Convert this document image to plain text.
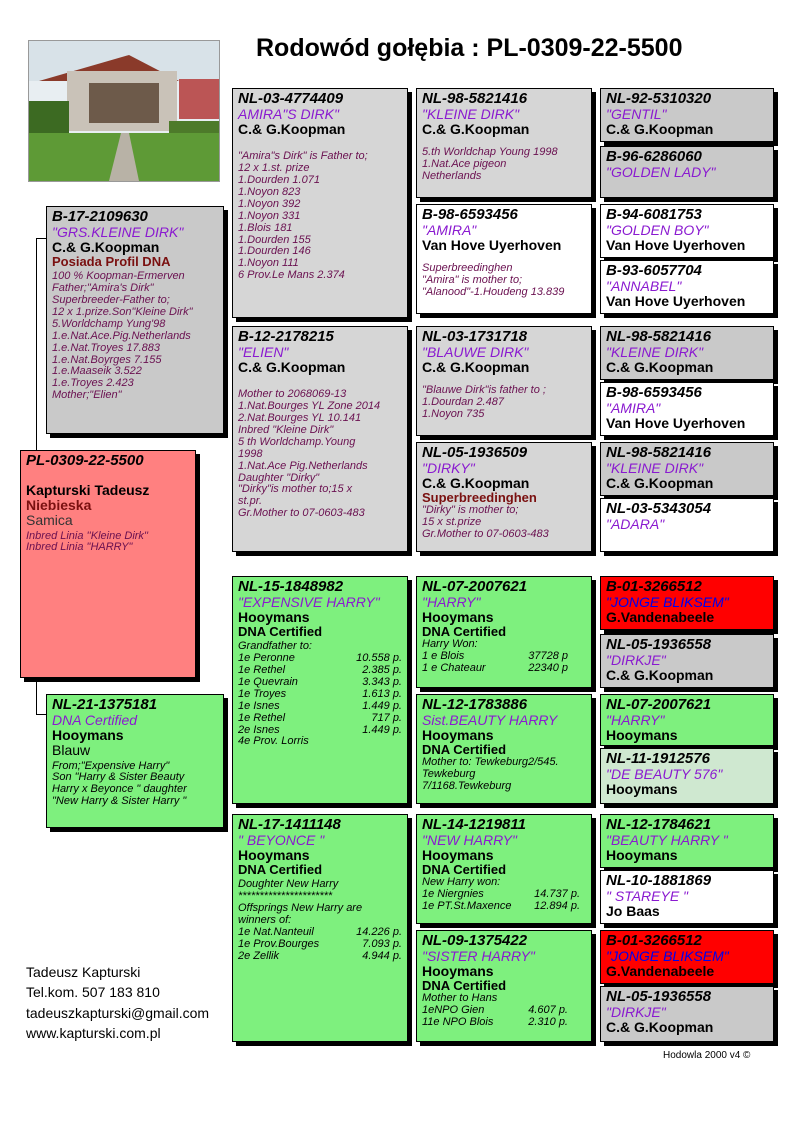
Rodowód gołębia : PL-0309-22-5500
PL-0309-22-5500
Kapturski Tadeusz
Niebieska
Samica
Inbred Linia ''Kleine Dirk''
Inbred Linia "HARRY"
B-17-2109630
"GRS.KLEINE DIRK"
C.& G.Koopman
Posiada Profil DNA
100 % Koopman-Ermerven
Father;"Amira's Dirk"
Superbreeder-Father to;
12 x 1.prize.Son"Kleine Dirk"
5.Worldchamp Yung'98
1.e.Nat.Ace.Pig.Netherlands
1.e.Nat.Troyes 17.883
1.e.Nat.Boyrges 7.155
1.e.Maaseik 3.522
1.e.Troyes 2.423
Mother;"Elien"
NL-21-1375181
DNA Certified
Hooymans
Blauw
From;"Expensive Harry"
Son "Harry & Sister Beauty
Harry x Beyonce " daughter
"New Harry & Sister Harry "
NL-03-4774409
AMIRA"S DIRK"
C.& G.Koopman
"Amira"s Dirk" is Father to;
12 x 1.st. prize
1.Dourden 1.071
1.Noyon 823
1.Noyon 392
1.Noyon 331
1.Blois 181
1.Dourden 155
1.Dourden 146
1.Noyon 111
6 Prov.Le Mans 2.374
B-12-2178215
"ELIEN"
C.& G.Koopman
Mother to 2068069-13
1.Nat.Bourges YL Zone 2014
2.Nat.Bourges YL 10.141
Inbred "Kleine Dirk"
5 th Worldchamp.Young
1998
1.Nat.Ace Pig.Netherlands
Daughter "Dirky"
"Dirky"is mother to;15 x
st.pr.
Gr.Mother to 07-0603-483
NL-15-1848982
"EXPENSIVE HARRY"
Hooymans
DNA Certified
Grandfather to:
1e Peronne	10.558 p.
1e Rethel	2.385 p.
1e Quevrain	3.343 p.
1e Troyes	1.613 p.
1e Isnes	1.449 p.
1e Rethel	717 p.
2e Isnes	1.449 p.
4e Prov. Lorris
NL-17-1411148
" BEYONCE "
Hooymans
DNA Certified
Doughter New Harry
**********************
Offsprings New Harry are
winners of:
1e Nat.Nanteuil	14.226 p.
1e Prov.Bourges	7.093 p.
2e Zellik	4.944 p.
NL-98-5821416
"KLEINE DIRK"
C.& G.Koopman
5.th Worldchap Young 1998
1.Nat.Ace pigeon
Netherlands
B-98-6593456
"AMIRA"
Van Hove Uyerhoven
Superbreedinghen
"Amira" is mother to;
"Alanood"-1.Houdeng 13.839
NL-03-1731718
"BLAUWE DIRK"
C.& G.Koopman
"Blauwe Dirk"is father to ;
1.Dourdan 2.487
1.Noyon 735
NL-05-1936509
"DIRKY"
C.& G.Koopman
Superbreedinghen
"Dirky" is mother to;
15 x st.prize
Gr.Mother to 07-0603-483
NL-07-2007621
"HARRY"
Hooymans
DNA Certified
Harry Won:
1 e Blois	37728 p
1 e Chateaur	22340 p
NL-12-1783886
Sist.BEAUTY HARRY
Hooymans
DNA Certified
Mother to: Tewkeburg2/545.
Tewkeburg
7/1168.Tewkeburg
NL-14-1219811
"NEW HARRY"
Hooymans
DNA Certified
New Harry won:
1e Niergnies	14.737 p.
1e PT.St.Maxence 12.894 p.
NL-09-1375422
"SISTER HARRY"
Hooymans
DNA Certified
Mother to Hans
1eNPO Gien	4.607 p.
11e NPO Blois	2.310 p.
NL-92-5310320
"GENTIL"
C.& G.Koopman
B-96-6286060
"GOLDEN LADY"
B-94-6081753
"GOLDEN BOY"
Van Hove Uyerhoven
B-93-6057704
"ANNABEL"
Van Hove Uyerhoven
NL-98-5821416
"KLEINE DIRK"
C.& G.Koopman
B-98-6593456
"AMIRA"
Van Hove Uyerhoven
NL-98-5821416
"KLEINE DIRK"
C.& G.Koopman
NL-03-5343054
"ADARA"
B-01-3266512
"JONGE BLIKSEM"
G.Vandenabeele
NL-05-1936558
"DIRKJE"
C.& G.Koopman
NL-07-2007621
"HARRY"
Hooymans
NL-11-1912576
"DE BEAUTY 576"
Hooymans
NL-12-1784621
"BEAUTY HARRY "
Hooymans
NL-10-1881869
" STAREYE "
Jo Baas
B-01-3266512
"JONGE BLIKSEM"
G.Vandenabeele
NL-05-1936558
"DIRKJE"
C.& G.Koopman
Tadeusz Kapturski
Tel.kom. 507 183 810
tadeuszkapturski@gmail.com
www.kapturski.com.pl
Hodowla 2000 v4 ©
